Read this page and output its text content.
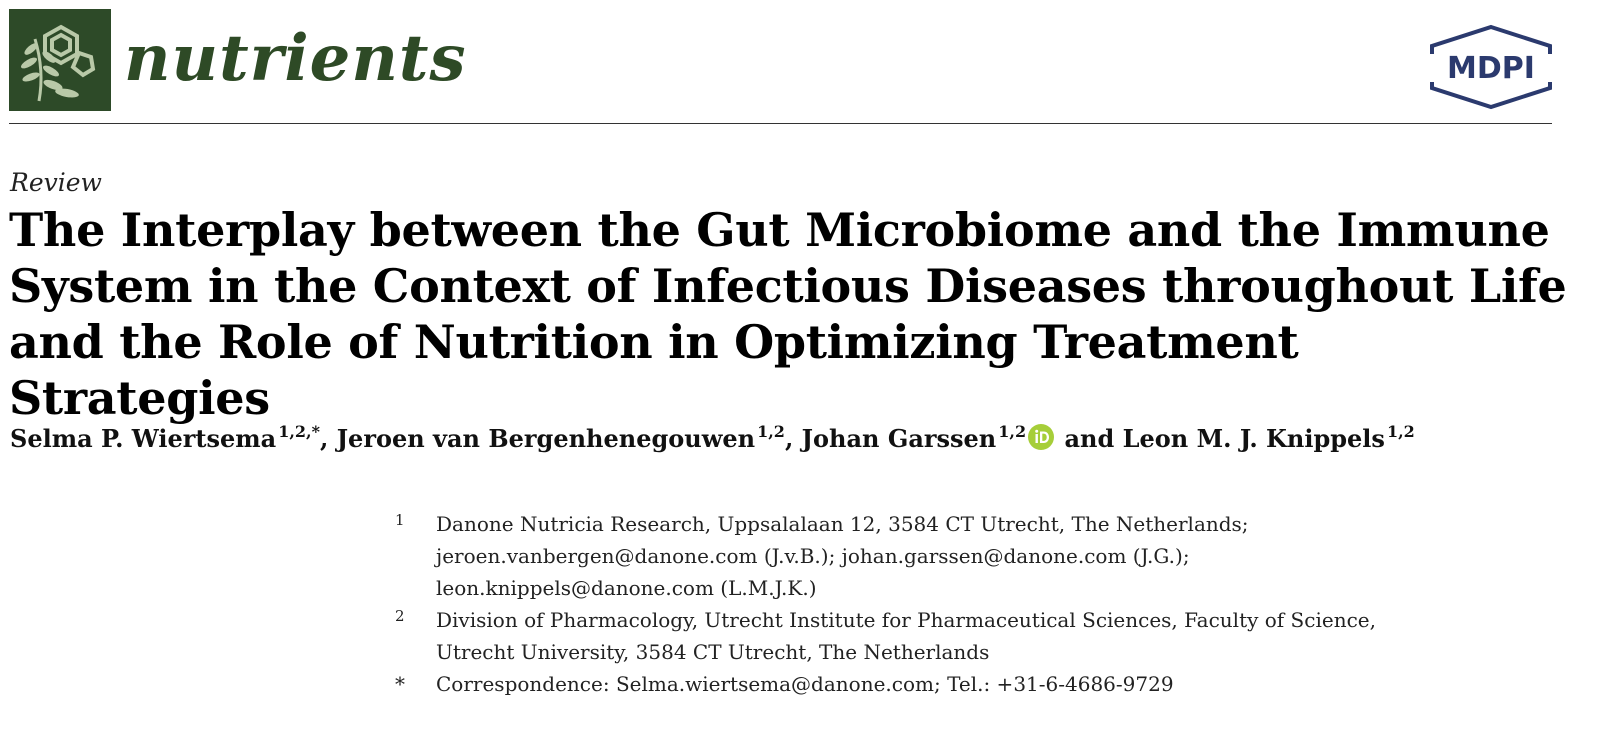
nutrients	MDPI
Review
The Interplay between the Gut Microbiome and the Immune System in the Context of Infectious Diseases throughout Life and the Role of Nutrition in Optimizing Treatment Strategies
Selma P. Wiertsema $^{1,2,*}$, Jeroen van Bergenhenegouwen $^{1,2}$, Johan Garssen $^{1,2}$ and Leon M. J. Knippels $^{1,2}$
1 Danone Nutricia Research, Uppsalalaan 12, 3584 CT Utrecht, The Netherlands;
jeroen.vanbergen@danone.com (J.v.B.); johan.garssen@danone.com (J.G.);
leon.knippels@danone.com (L.M.J.K.)
2 Division of Pharmacology, Utrecht Institute for Pharmaceutical Sciences, Faculty of Science,
Utrecht University, 3584 CT Utrecht, The Netherlands
* Correspondence: Selma.wiertsema@danone.com; Tel.: +31-6-4686-9729
